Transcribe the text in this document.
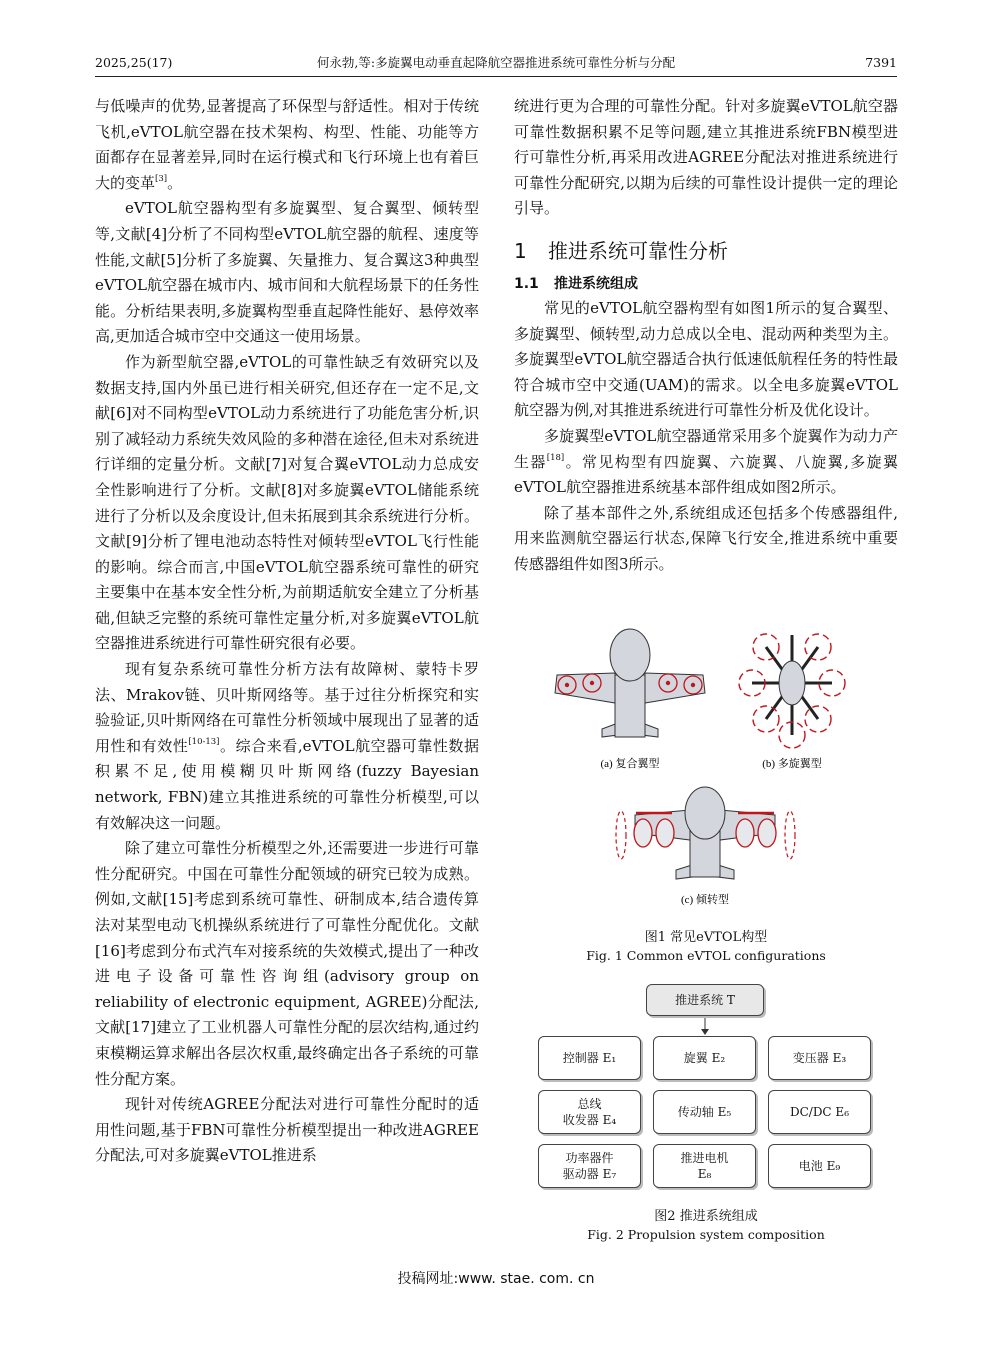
2025,25(17)	何永勃,等:多旋翼电动垂直起降航空器推进系统可靠性分析与分配	7391

与低噪声的优势,显著提高了环保型与舒适性。相对于传统飞机,eVTOL航空器在技术架构、构型、性能、功能等方面都存在显著差异,同时在运行模式和飞行环境上也有着巨大的变革[3]。

eVTOL航空器构型有多旋翼型、复合翼型、倾转型等,文献[4]分析了不同构型eVTOL航空器的航程、速度等性能,文献[5]分析了多旋翼、矢量推力、复合翼这3种典型eVTOL航空器在城市内、城市间和大航程场景下的任务性能。分析结果表明,多旋翼构型垂直起降性能好、悬停效率高,更加适合城市空中交通这一使用场景。

作为新型航空器,eVTOL的可靠性缺乏有效研究以及数据支持,国内外虽已进行相关研究,但还存在一定不足,文献[6]对不同构型eVTOL动力系统进行了功能危害分析,识别了减轻动力系统失效风险的多种潜在途径,但未对系统进行详细的定量分析。文献[7]对复合翼eVTOL动力总成安全性影响进行了分析。文献[8]对多旋翼eVTOL储能系统进行了分析以及余度设计,但未拓展到其余系统进行分析。文献[9]分析了锂电池动态特性对倾转型eVTOL飞行性能的影响。综合而言,中国eVTOL航空器系统可靠性的研究主要集中在基本安全性分析,为前期适航安全建立了分析基础,但缺乏完整的系统可靠性定量分析,对多旋翼eVTOL航空器推进系统进行可靠性研究很有必要。

现有复杂系统可靠性分析方法有故障树、蒙特卡罗法、Mrakov链、贝叶斯网络等。基于过往分析探究和实验验证,贝叶斯网络在可靠性分析领域中展现出了显著的适用性和有效性[10-13]。综合来看,eVTOL航空器可靠性数据积累不足,使用模糊贝叶斯网络(fuzzy Bayesian network, FBN)建立其推进系统的可靠性分析模型,可以有效解决这一问题。

除了建立可靠性分析模型之外,还需要进一步进行可靠性分配研究。中国在可靠性分配领域的研究已较为成熟。例如,文献[15]考虑到系统可靠性、研制成本,结合遗传算法对某型电动飞机操纵系统进行了可靠性分配优化。文献[16]考虑到分布式汽车对接系统的失效模式,提出了一种改进电子设备可靠性咨询组(advisory group on reliability of electronic equipment, AGREE)分配法,文献[17]建立了工业机器人可靠性分配的层次结构,通过约束模糊运算求解出各层次权重,最终确定出各子系统的可靠性分配方案。

现针对传统AGREE分配法对进行可靠性分配时的适用性问题,基于FBN可靠性分析模型提出一种改进AGREE分配法,可对多旋翼eVTOL推进系

统进行更为合理的可靠性分配。针对多旋翼eVTOL航空器可靠性数据积累不足等问题,建立其推进系统FBN模型进行可靠性分析,再采用改进AGREE分配法对推进系统进行可靠性分配研究,以期为后续的可靠性设计提供一定的理论引导。

1 推进系统可靠性分析
1.1 推进系统组成

常见的eVTOL航空器构型有如图1所示的复合翼型、多旋翼型、倾转型,动力总成以全电、混动两种类型为主。多旋翼型eVTOL航空器适合执行低速低航程任务的特性最符合城市空中交通(UAM)的需求。以全电多旋翼eVTOL航空器为例,对其推进系统进行可靠性分析及优化设计。

多旋翼型eVTOL航空器通常采用多个旋翼作为动力产生器[18]。常见构型有四旋翼、六旋翼、八旋翼,多旋翼eVTOL航空器推进系统基本部件组成如图2所示。

除了基本部件之外,系统组成还包括多个传感器组件,用来监测航空器运行状态,保障飞行安全,推进系统中重要传感器组件如图3所示。

(a) 复合翼型	(b) 多旋翼型
(c) 倾转型
图1 常见eVTOL构型
Fig. 1 Common eVTOL configurations
推进系统 T
控制器 E₁	旋翼 E₂	变压器 E₃
总线
收发器 E₄
传动轴 E₅	DC/DC E₆
功率器件
驱动器 E₇
推进电机
E₈
电池 E₉
图2 推进系统组成
Fig. 2 Propulsion system composition
投稿网址:www. stae. com. cn
